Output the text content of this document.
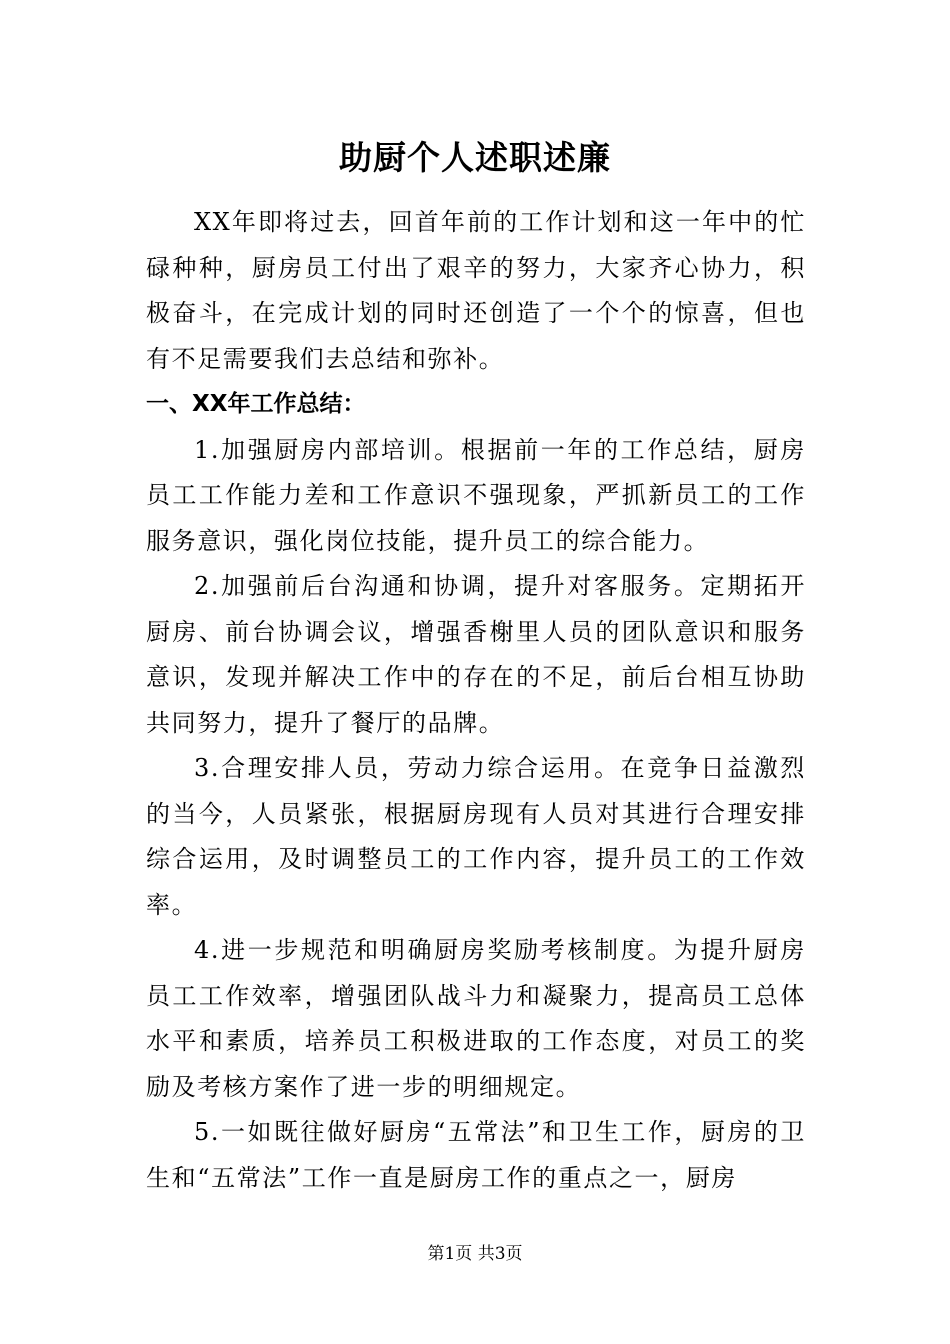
助厨个人述职述廉

XX年即将过去，回首年前的工作计划和这一年中的忙碌种种，厨房员工付出了艰辛的努力，大家齐心协力，积极奋斗，在完成计划的同时还创造了一个个的惊喜，但也有不足需要我们去总结和弥补。

一、XX年工作总结：

1.加强厨房内部培训。根据前一年的工作总结，厨房员工工作能力差和工作意识不强现象，严抓新员工的工作服务意识，强化岗位技能，提升员工的综合能力。

2.加强前后台沟通和协调，提升对客服务。定期拓开厨房、前台协调会议，增强香榭里人员的团队意识和服务意识，发现并解决工作中的存在的不足，前后台相互协助共同努力，提升了餐厅的品牌。

3.合理安排人员，劳动力综合运用。在竞争日益激烈的当今，人员紧张，根据厨房现有人员对其进行合理安排综合运用，及时调整员工的工作内容，提升员工的工作效率。

4.进一步规范和明确厨房奖励考核制度。为提升厨房员工工作效率，增强团队战斗力和凝聚力，提高员工总体水平和素质，培养员工积极进取的工作态度，对员工的奖励及考核方案作了进一步的明细规定。

5.一如既往做好厨房“五常法”和卫生工作，厨房的卫生和“五常法”工作一直是厨房工作的重点之一，厨房

第1页 共3页
